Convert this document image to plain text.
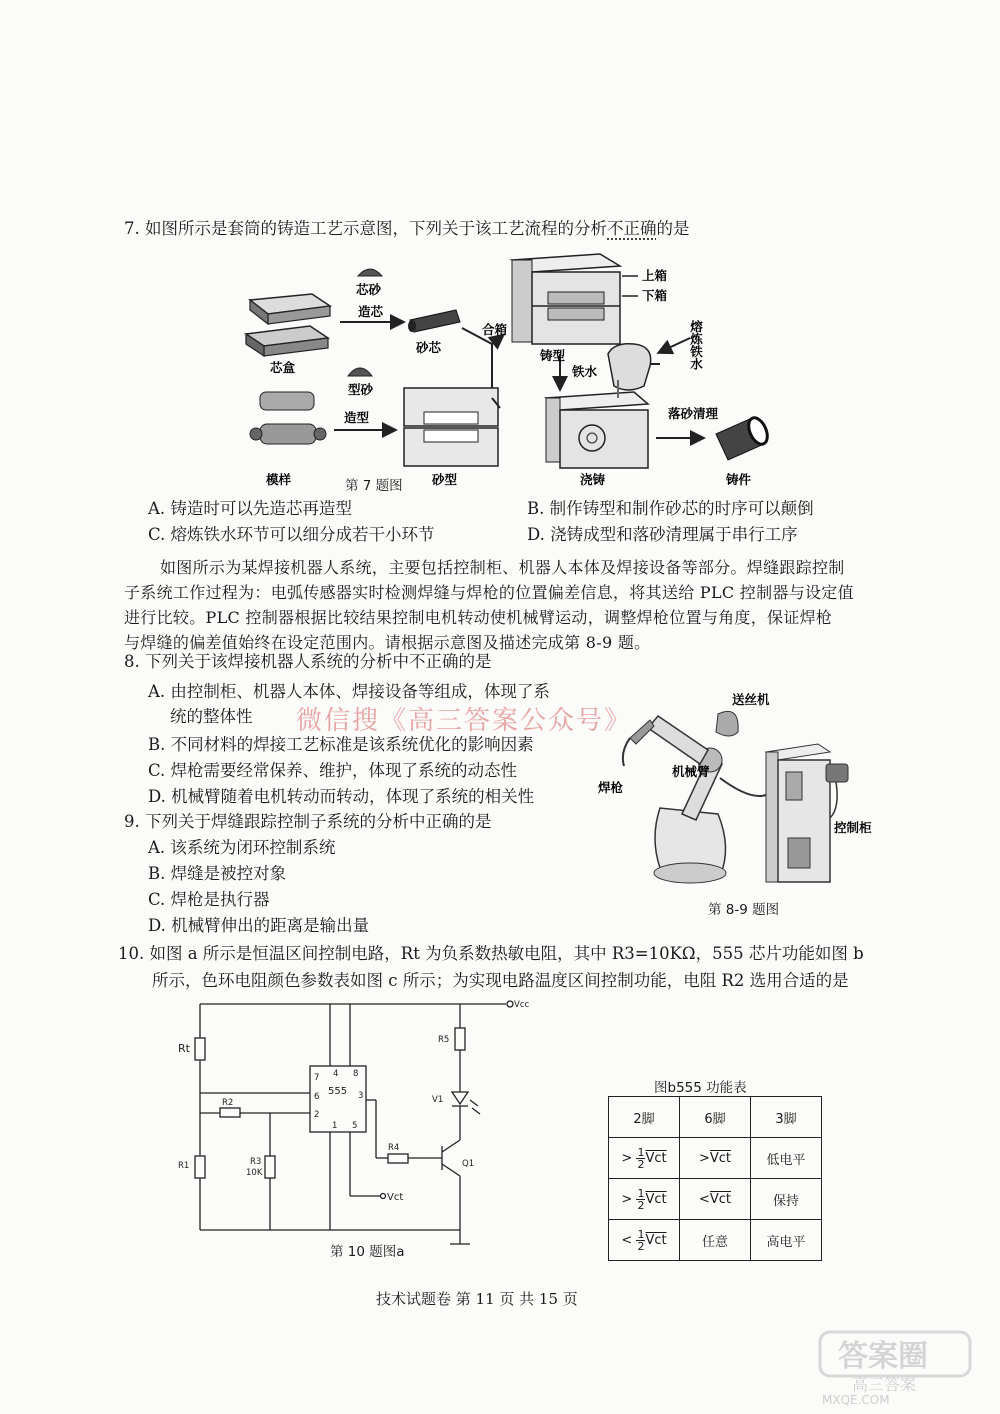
7. 如图所示是套筒的铸造工艺示意图，下列关于该工艺流程的分析不正确的是
芯砂
造芯
芯盒
砂芯
型砂
造型
模样	砂型
合箱
铸型
上箱
下箱
熔炼铁水
铁水
浇铸
落砂清理
铸件
第 7 题图
A. 铸造时可以先造芯再造型	B. 制作铸型和制作砂芯的时序可以颠倒
C. 熔炼铁水环节可以细分成若干小环节	D. 浇铸成型和落砂清理属于串行工序
如图所示为某焊接机器人系统，主要包括控制柜、机器人本体及焊接设备等部分。焊缝跟踪控制
子系统工作过程为：电弧传感器实时检测焊缝与焊枪的位置偏差信息，将其送给 PLC 控制器与设定值
进行比较。PLC 控制器根据比较结果控制电机转动使机械臂运动，调整焊枪位置与角度，保证焊枪
与焊缝的偏差值始终在设定范围内。请根据示意图及描述完成第 8-9 题。
8. 下列关于该焊接机器人系统的分析中不正确的是
A. 由控制柜、机器人本体、焊接设备等组成，体现了系
统的整体性
B. 不同材料的焊接工艺标准是该系统优化的影响因素
C. 焊枪需要经常保养、维护，体现了系统的动态性
D. 机械臂随着电机转动而转动，体现了系统的相关性
微信搜《高三答案公众号》
9. 下列关于焊缝跟踪控制子系统的分析中正确的是
A. 该系统为闭环控制系统
B. 焊缝是被控对象
C. 焊枪是执行器
D. 机械臂伸出的距离是输出量
送丝机
机械臂
焊枪
控制柜
第 8-9 题图
10. 如图 a 所示是恒温区间控制电路，Rt 为负系数热敏电阻，其中 R3=10KΩ，555 芯片功能如图 b
所示，色环电阻颜色参数表如图 c 所示；为实现电路温度区间控制功能，电阻 R2 选用合适的是
Vcc
Rt
R1
R2
R3
10K
R4
R5
V1
Q1
555
Vct
7 4 8
6	3
2
1 5
第 10 题图a
图b555 功能表
2脚	6脚	3脚
> $\frac{1}{2}\overline{Vct}$	$>\overline{Vct}$	低电平
> $\frac{1}{2}\overline{Vct}$	$<\overline{Vct}$	保持
< $\frac{1}{2}\overline{Vct}$	任意	高电平
技术试题卷 第 11 页 共 15 页
答案圈
高三答案
MXQE.COM
